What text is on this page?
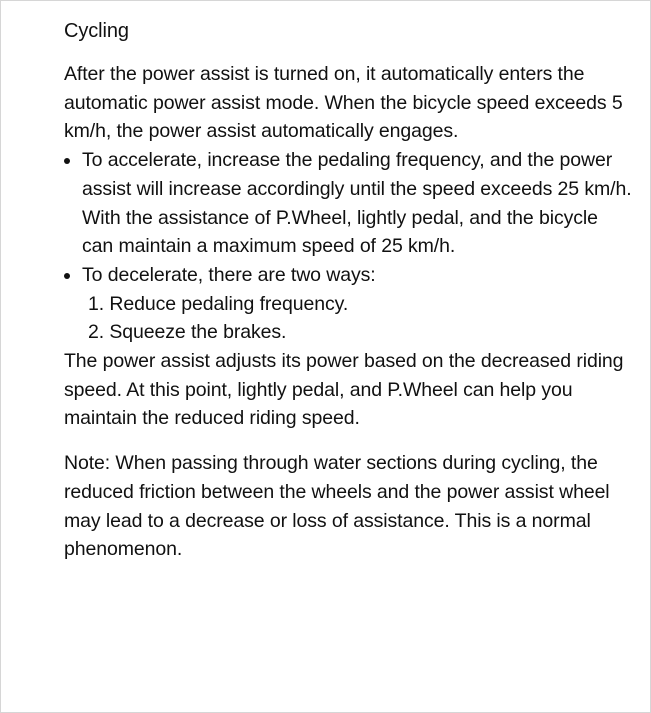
Cycling

After the power assist is turned on, it automatically enters the automatic power assist mode. When the bicycle speed exceeds 5 km/h, the power assist automatically engages.

To accelerate, increase the pedaling frequency, and the power assist will increase accordingly until the speed exceeds 25 km/h. With the assistance of P.Wheel, lightly pedal, and the bicycle can maintain a maximum speed of 25 km/h.
To decelerate, there are two ways:
1. Reduce pedaling frequency.
2. Squeeze the brakes.

The power assist adjusts its power based on the decreased riding speed. At this point, lightly pedal, and P.Wheel can help you maintain the reduced riding speed.

Note: When passing through water sections during cycling, the reduced friction between the wheels and the power assist wheel may lead to a decrease or loss of assistance. This is a normal phenomenon.
